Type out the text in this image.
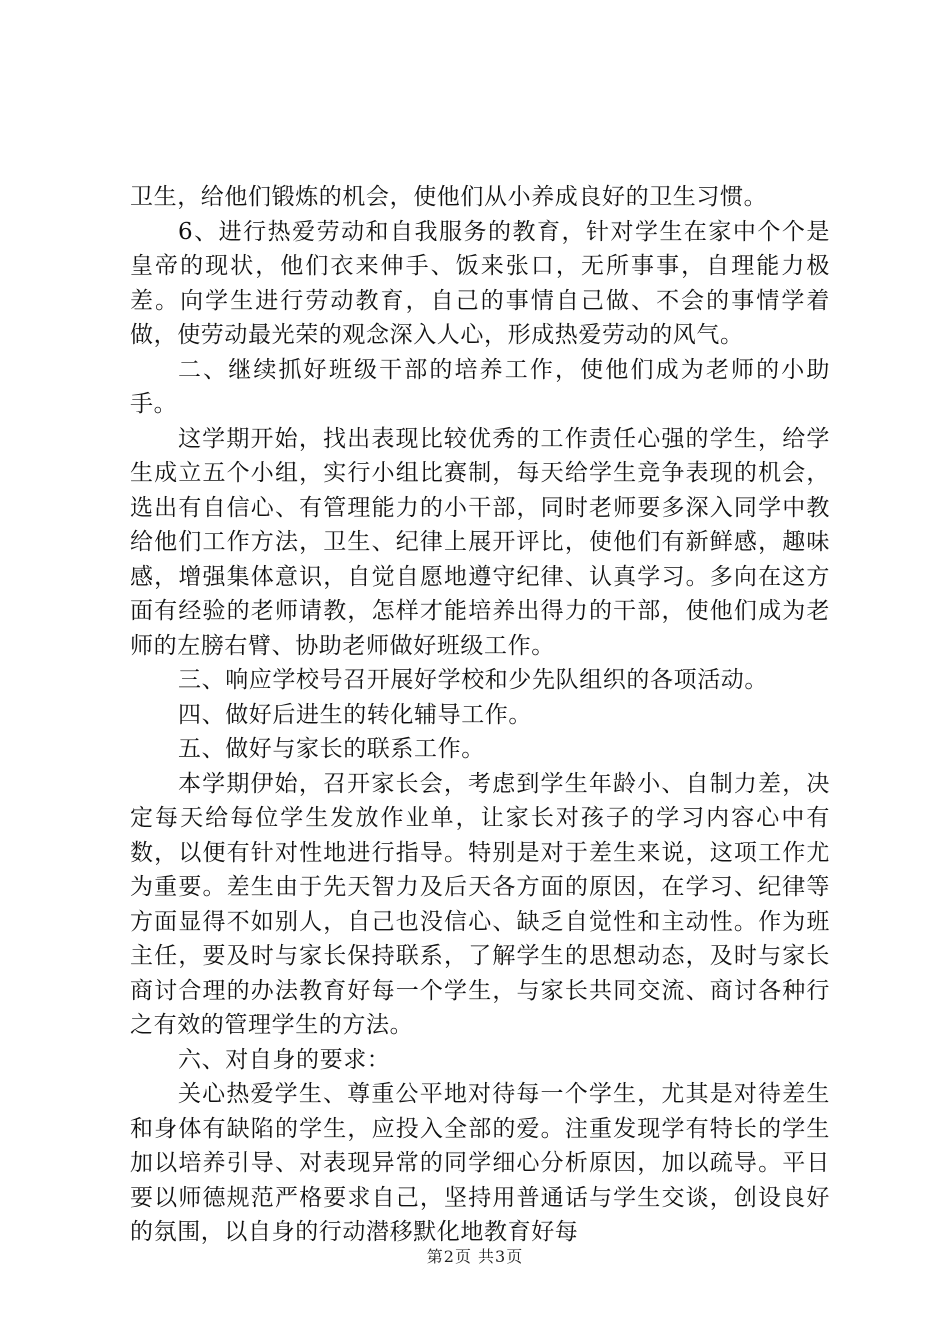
卫生，给他们锻炼的机会，使他们从小养成良好的卫生习惯。

6、进行热爱劳动和自我服务的教育，针对学生在家中个个是皇帝的现状，他们衣来伸手、饭来张口，无所事事，自理能力极差。向学生进行劳动教育，自己的事情自己做、不会的事情学着做，使劳动最光荣的观念深入人心，形成热爱劳动的风气。

二、继续抓好班级干部的培养工作，使他们成为老师的小助手。

这学期开始，找出表现比较优秀的工作责任心强的学生，给学生成立五个小组，实行小组比赛制，每天给学生竞争表现的机会，选出有自信心、有管理能力的小干部，同时老师要多深入同学中教给他们工作方法，卫生、纪律上展开评比，使他们有新鲜感，趣味感，增强集体意识，自觉自愿地遵守纪律、认真学习。多向在这方面有经验的老师请教，怎样才能培养出得力的干部，使他们成为老师的左膀右臂、协助老师做好班级工作。

三、响应学校号召开展好学校和少先队组织的各项活动。

四、做好后进生的转化辅导工作。

五、做好与家长的联系工作。

本学期伊始，召开家长会，考虑到学生年龄小、自制力差，决定每天给每位学生发放作业单，让家长对孩子的学习内容心中有数，以便有针对性地进行指导。特别是对于差生来说，这项工作尤为重要。差生由于先天智力及后天各方面的原因，在学习、纪律等方面显得不如别人，自己也没信心、缺乏自觉性和主动性。作为班主任，要及时与家长保持联系，了解学生的思想动态，及时与家长商讨合理的办法教育好每一个学生，与家长共同交流、商讨各种行之有效的管理学生的方法。

六、对自身的要求：

关心热爱学生、尊重公平地对待每一个学生，尤其是对待差生和身体有缺陷的学生，应投入全部的爱。注重发现学有特长的学生加以培养引导、对表现异常的同学细心分析原因，加以疏导。平日要以师德规范严格要求自己，坚持用普通话与学生交谈，创设良好的氛围，以自身的行动潜移默化地教育好每

第2页 共3页
